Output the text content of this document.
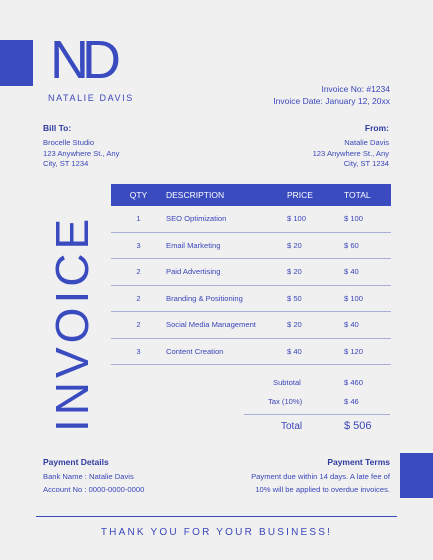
ND
NATALIE DAVIS
Invoice No: #1234
Invoice Date: January 12, 20xx
Bill To:
Brocelle Studio
123 Anywhere St., Any
City, ST 1234
From:
Natalie Davis
123 Anywhere St., Any
City, ST 1234
INVOICE
QTY	DESCRIPTION	PRICE	TOTAL
1	SEO Optimization	$ 100	$ 100
3	Email Marketing	$ 20	$ 60
2	Paid Advertising	$ 20	$ 40
2	Branding & Positioning	$ 50	$ 100
2	Social Media Management	$ 20	$ 40
3	Content Creation	$ 40	$ 120
Subtotal	$ 460
Tax (10%)	$ 46
Total	$ 506
Payment Details
Bank Name : Natalie Davis
Account No : 0000-0000-0000
Payment Terms
Payment due within 14 days. A late fee of
10% will be applied to overdue invoices.
THANK YOU FOR YOUR BUSINESS!
